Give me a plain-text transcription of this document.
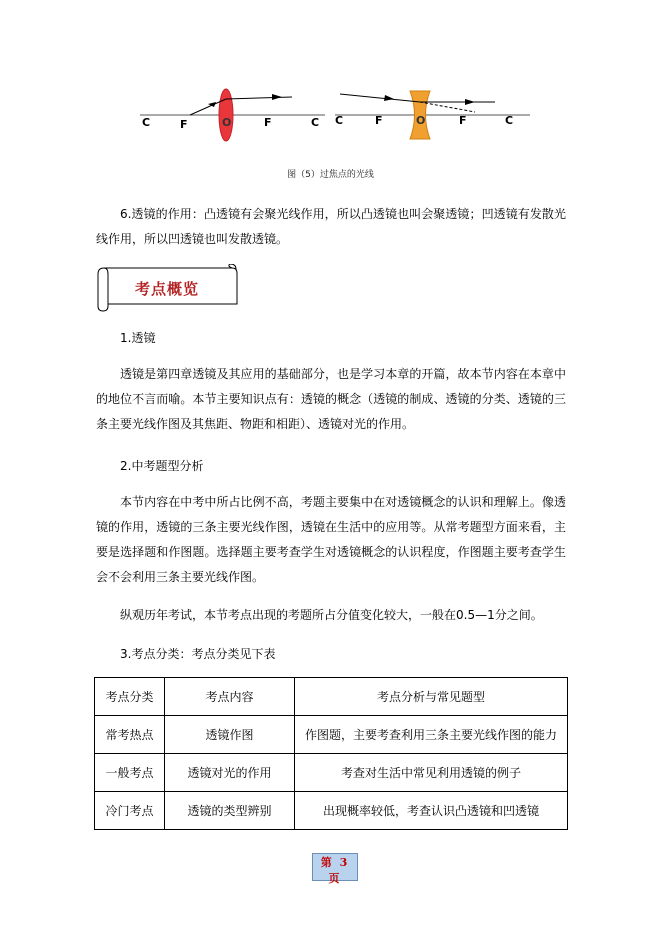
C	F	O	F	C C	F	O	F	C
图（5）过焦点的光线
6.透镜的作用：凸透镜有会聚光线作用，所以凸透镜也叫会聚透镜；凹透镜有发散光线作用，所以凹透镜也叫发散透镜。
考点概览
1.透镜
透镜是第四章透镜及其应用的基础部分，也是学习本章的开篇，故本节内容在本章中的地位不言而喻。本节主要知识点有：透镜的概念（透镜的制成、透镜的分类、透镜的三条主要光线作图及其焦距、物距和相距）、透镜对光的作用。
2.中考题型分析
本节内容在中考中所占比例不高，考题主要集中在对透镜概念的认识和理解上。像透镜的作用，透镜的三条主要光线作图，透镜在生活中的应用等。从常考题型方面来看，主要是选择题和作图题。选择题主要考查学生对透镜概念的认识程度，作图题主要考查学生会不会利用三条主要光线作图。
纵观历年考试，本节考点出现的考题所占分值变化较大，一般在0.5—1分之间。
3.考点分类：考点分类见下表
考点分类	考点内容	考点分析与常见题型
常考热点	透镜作图	作图题，主要考查利用三条主要光线作图的能力
一般考点	透镜对光的作用	考查对生活中常见利用透镜的例子
冷门考点	透镜的类型辨别	出现概率较低，考查认识凸透镜和凹透镜
第 3 页
